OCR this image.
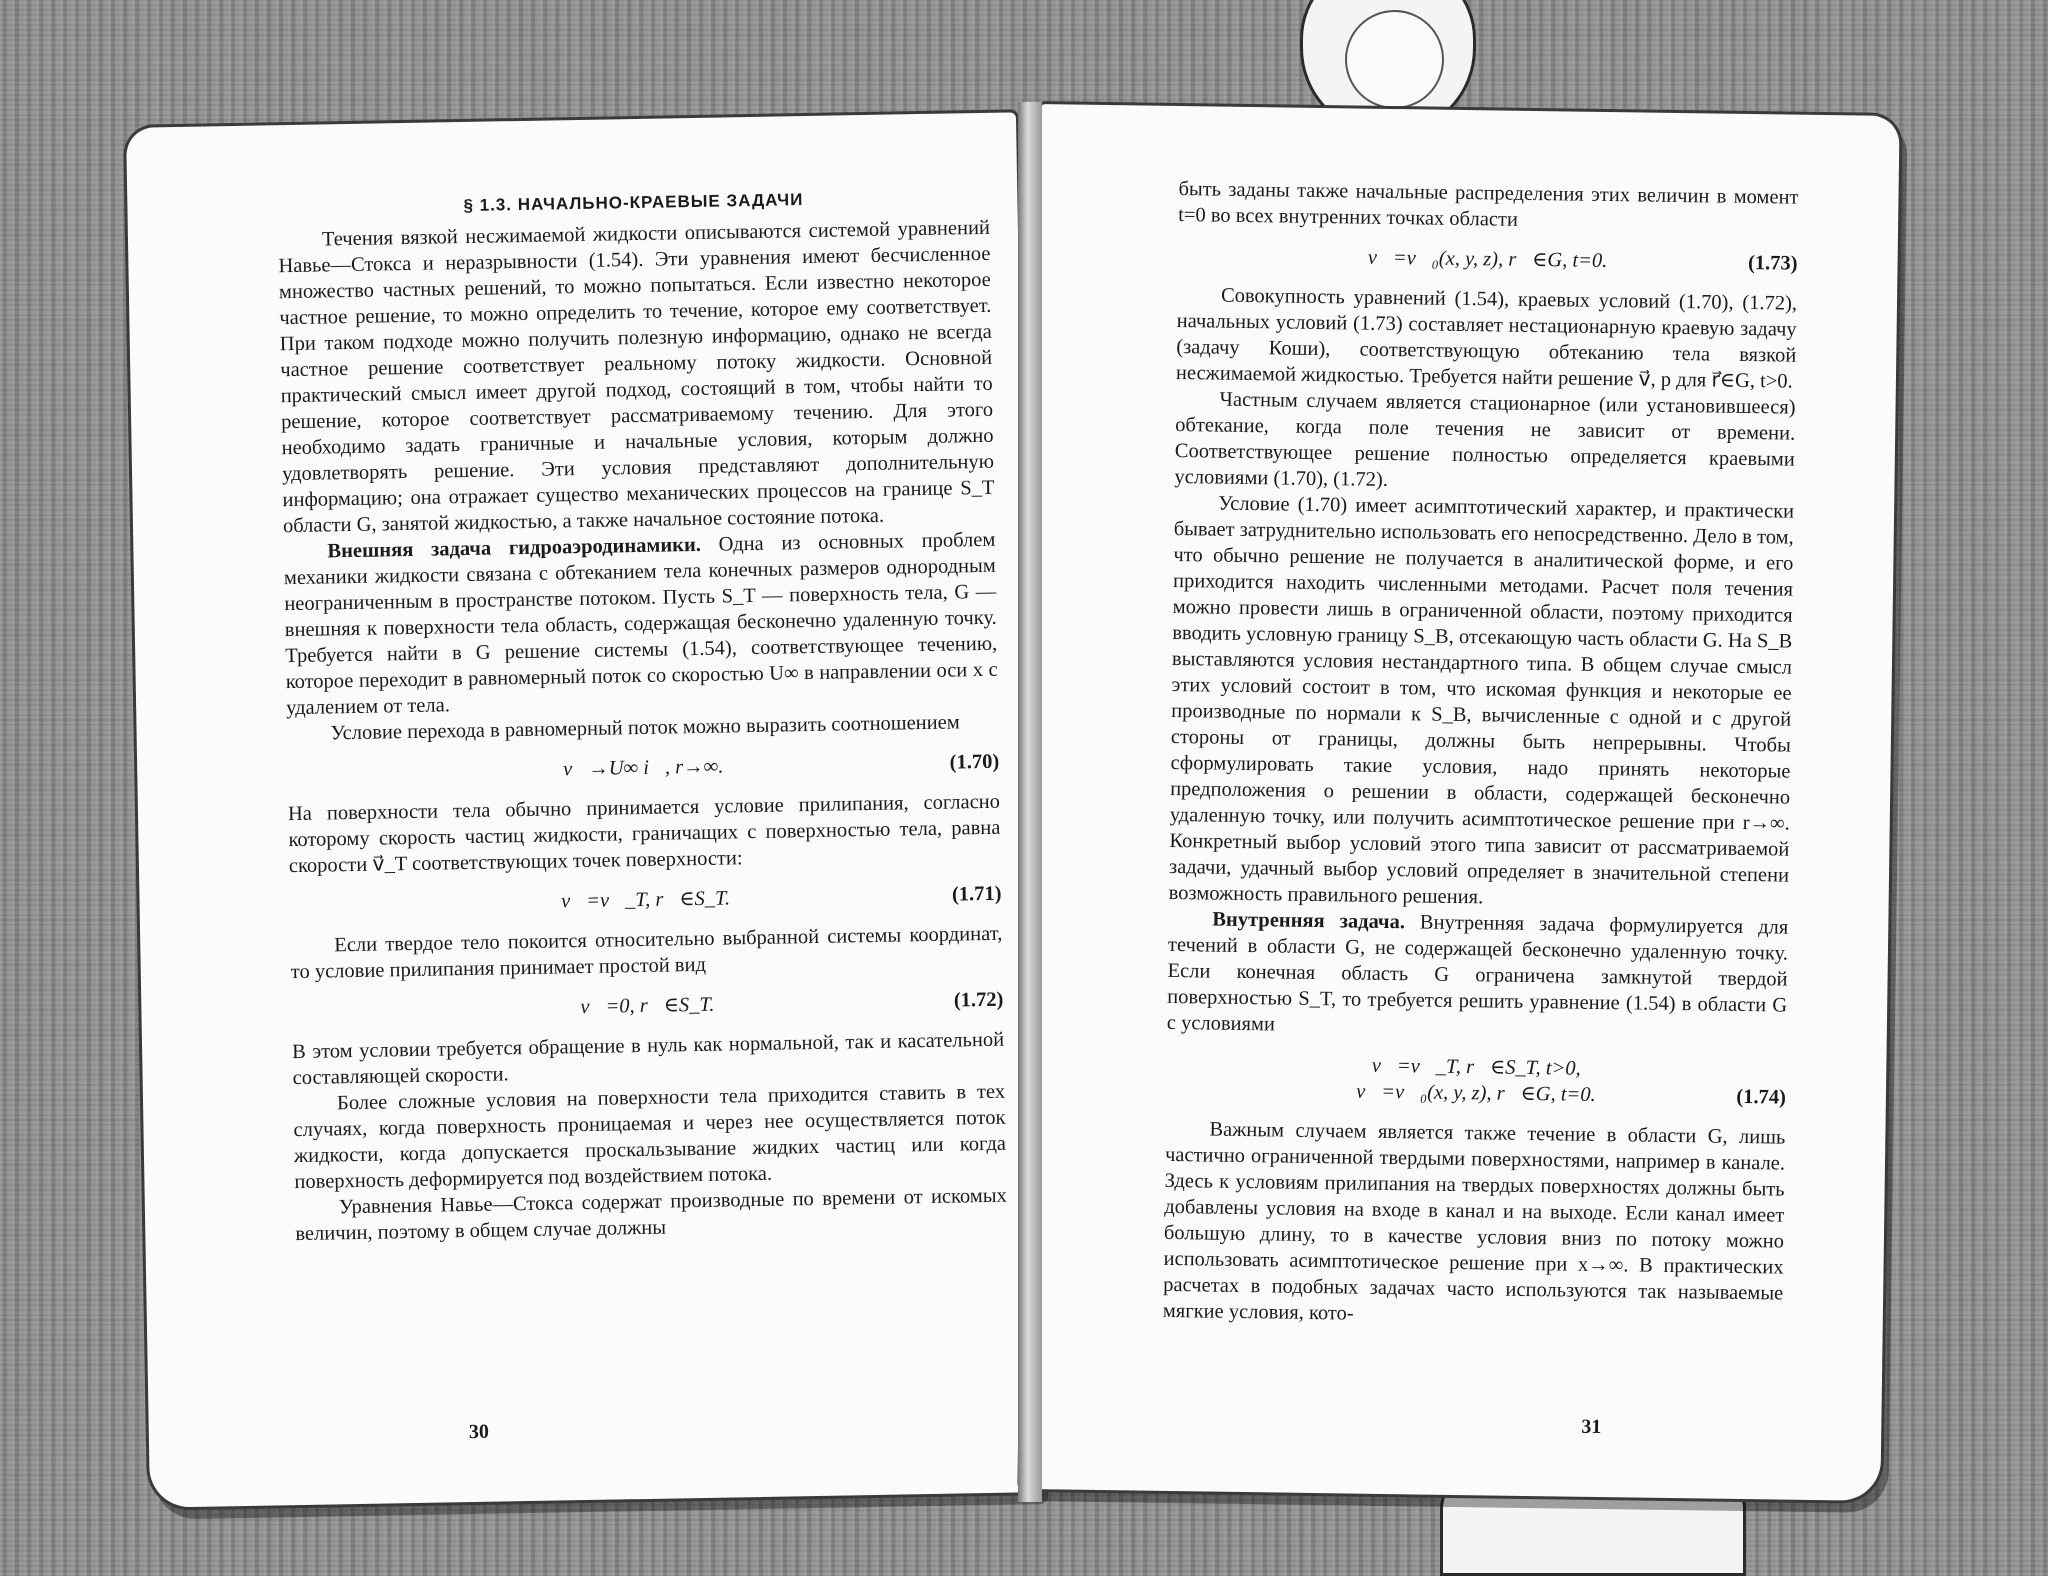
§ 1.3. НАЧАЛЬНО-КРАЕВЫЕ ЗАДАЧИ

Течения вязкой несжимаемой жидкости описываются системой уравнений Навье—Стокса и неразрывности (1.54). Эти уравнения имеют бесчисленное множество частных решений, то можно попытаться. Если известно некоторое частное решение, то можно определить то течение, которое ему соответствует. При таком подходе можно получить полезную информацию, однако не всегда частное решение соответствует реальному потоку жидкости. Основной практический смысл имеет другой подход, состоящий в том, чтобы найти то решение, которое соответствует рассматриваемому течению. Для этого необходимо задать граничные и начальные условия, которым должно удовлетворять решение. Эти условия представляют дополнительную информацию; она отражает существо механических процессов на границе S_T области G, занятой жидкостью, а также начальное состояние потока.

Внешняя задача гидроаэродинамики. Одна из основных проблем механики жидкости связана с обтеканием тела конечных размеров однородным неограниченным в пространстве потоком. Пусть S_T — поверхность тела, G — внешняя к поверхности тела область, содержащая бесконечно удаленную точку. Требуется найти в G решение системы (1.54), соответствующее течению, которое переходит в равномерный поток со скоростью U∞ в направлении оси x с удалением от тела.

Условие перехода в равномерный поток можно выразить соотношением

v⃗→U∞ i⃗, r→∞.	(1.70)

На поверхности тела обычно принимается условие прилипания, согласно которому скорость частиц жидкости, граничащих с поверхностью тела, равна скорости v⃗_T соответствующих точек поверхности:

v⃗=v⃗_T, r⃗∈S_T.	(1.71)

Если твердое тело покоится относительно выбранной системы координат, то условие прилипания принимает простой вид

v⃗=0, r⃗∈S_T.	(1.72)

В этом условии требуется обращение в нуль как нормальной, так и касательной составляющей скорости.

Более сложные условия на поверхности тела приходится ставить в тех случаях, когда поверхность проницаемая и через нее осуществляется поток жидкости, когда допускается проскальзывание жидких частиц или когда поверхность деформируется под воздействием потока.

Уравнения Навье—Стокса содержат производные по времени от искомых величин, поэтому в общем случае должны

30

быть заданы также начальные распределения этих величин в момент t=0 во всех внутренних точках области

v⃗=v⃗₀(x, y, z), r⃗∈G, t=0.	(1.73)

Совокупность уравнений (1.54), краевых условий (1.70), (1.72), начальных условий (1.73) составляет нестационарную краевую задачу (задачу Коши), соответствующую обтеканию тела вязкой несжимаемой жидкостью. Требуется найти решение v⃗, p для r⃗∈G, t>0.

Частным случаем является стационарное (или установившееся) обтекание, когда поле течения не зависит от времени. Соответствующее решение полностью определяется краевыми условиями (1.70), (1.72).

Условие (1.70) имеет асимптотический характер, и практически бывает затруднительно использовать его непосредственно. Дело в том, что обычно решение не получается в аналитической форме, и его приходится находить численными методами. Расчет поля течения можно провести лишь в ограниченной области, поэтому приходится вводить условную границу S_B, отсекающую часть области G. На S_B выставляются условия нестандартного типа. В общем случае смысл этих условий состоит в том, что искомая функция и некоторые ее производные по нормали к S_B, вычисленные с одной и с другой стороны от границы, должны быть непрерывны. Чтобы сформулировать такие условия, надо принять некоторые предположения о решении в области, содержащей бесконечно удаленную точку, или получить асимптотическое решение при r→∞. Конкретный выбор условий этого типа зависит от рассматриваемой задачи, удачный выбор условий определяет в значительной степени возможность правильного решения.

Внутренняя задача. Внутренняя задача формулируется для течений в области G, не содержащей бесконечно удаленную точку. Если конечная область G ограничена замкнутой твердой поверхностью S_T, то требуется решить уравнение (1.54) в области G с условиями

v⃗=v⃗_T, r⃗∈S_T, t>0,
v⃗=v⃗₀(x, y, z), r⃗∈G, t=0.	(1.74)

Важным случаем является также течение в области G, лишь частично ограниченной твердыми поверхностями, например в канале. Здесь к условиям прилипания на твердых поверхностях должны быть добавлены условия на входе в канал и на выходе. Если канал имеет большую длину, то в качестве условия вниз по потоку можно использовать асимптотическое решение при x→∞. В практических расчетах в подобных задачах часто используются так называемые мягкие условия, кото-

31
